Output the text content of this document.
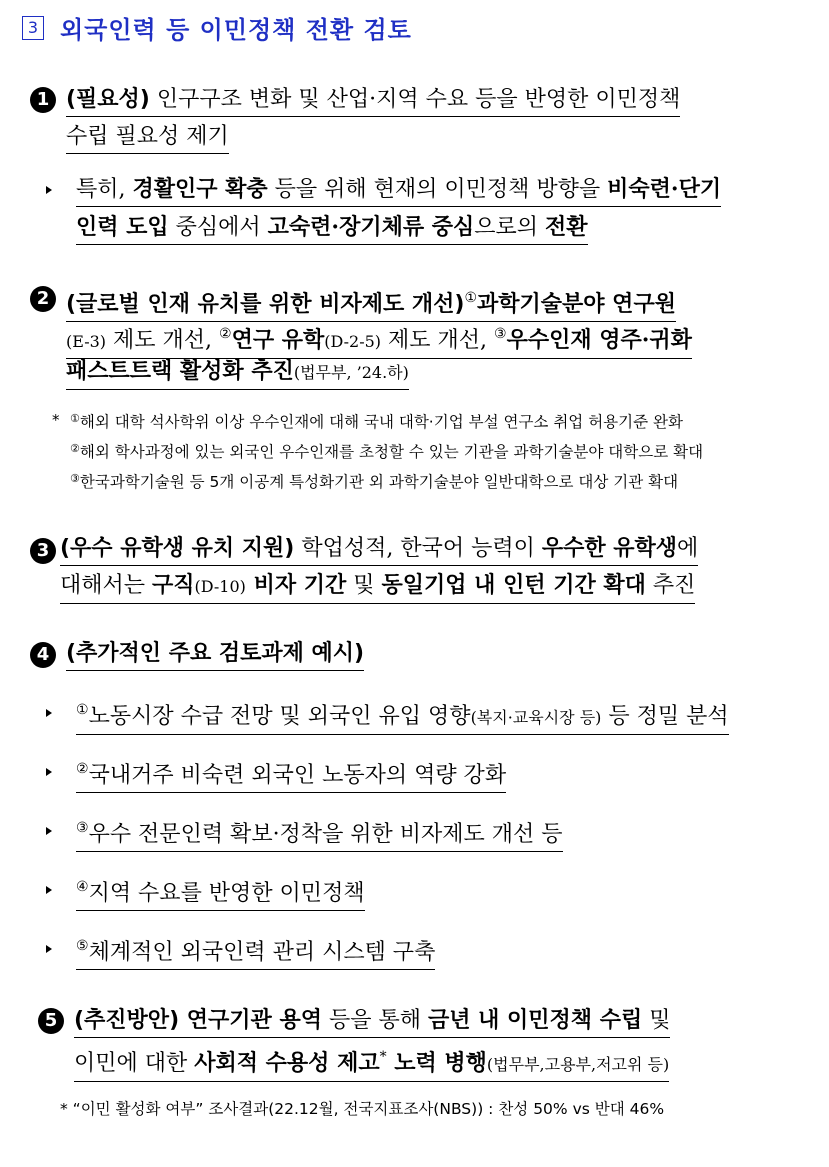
3 외국인력 등 이민정책 전환 검토
1 (필요성) 인구구조 변화 및 산업·지역 수요 등을 반영한 이민정책
수립 필요성 제기
특히, 경활인구 확충 등을 위해 현재의 이민정책 방향을 비숙련·단기
인력 도입 중심에서 고숙련·장기체류 중심으로의 전환
2 (글로벌 인재 유치를 위한 비자제도 개선)①과학기술분야 연구원
(E-3) 제도 개선, ②연구 유학(D-2-5) 제도 개선, ③우수인재 영주·귀화
패스트트랙 활성화 추진(법무부, ’24.하)
* ①해외 대학 석사학위 이상 우수인재에 대해 국내 대학·기업 부설 연구소 취업 허용기준 완화
②해외 학사과정에 있는 외국인 우수인재를 초청할 수 있는 기관을 과학기술분야 대학으로 확대
③한국과학기술원 등 5개 이공계 특성화기관 외 과학기술분야 일반대학으로 대상 기관 확대
3 (우수 유학생 유치 지원) 학업성적, 한국어 능력이 우수한 유학생에
대해서는 구직(D-10) 비자 기간 및 동일기업 내 인턴 기간 확대 추진
4 (추가적인 주요 검토과제 예시)
①노동시장 수급 전망 및 외국인 유입 영향(복지·교육시장 등) 등 정밀 분석
②국내거주 비숙련 외국인 노동자의 역량 강화
③우수 전문인력 확보·정착을 위한 비자제도 개선 등
④지역 수요를 반영한 이민정책
⑤체계적인 외국인력 관리 시스템 구축
5 (추진방안) 연구기관 용역 등을 통해 금년 내 이민정책 수립 및
이민에 대한 사회적 수용성 제고* 노력 병행(법무부,고용부,저고위 등)
* “이민 활성화 여부” 조사결과(22.12월, 전국지표조사(NBS)) : 찬성 50% vs 반대 46%
